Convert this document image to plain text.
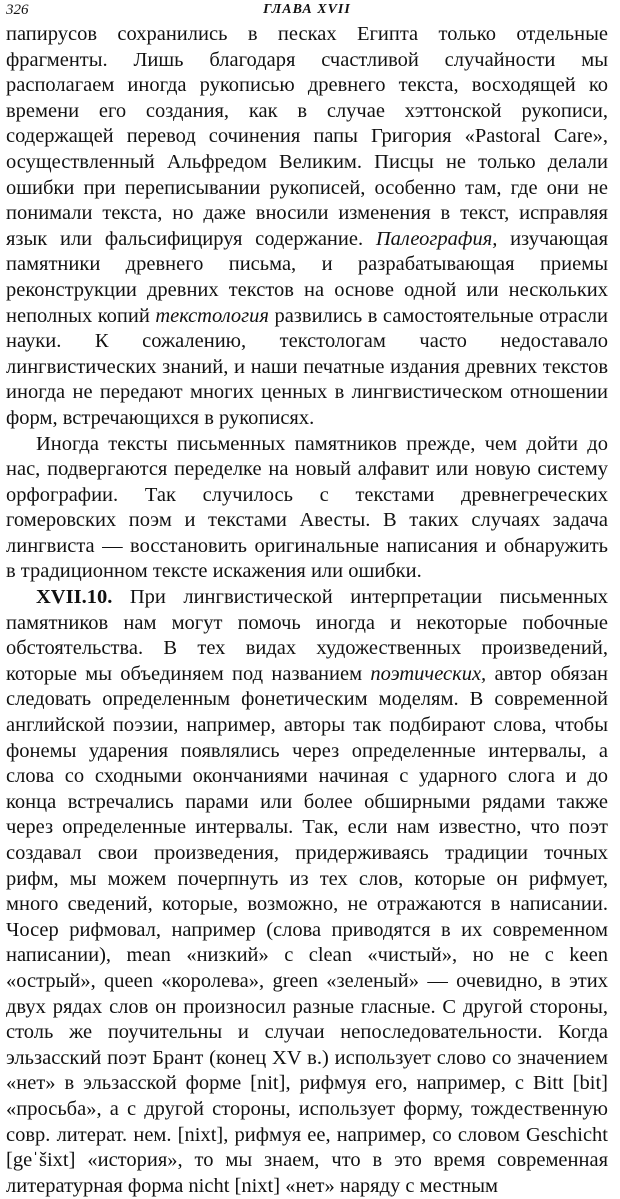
326	ГЛАВА XVII

папирусов сохранились в песках Египта только отдельные фрагменты. Лишь благодаря счастливой случайности мы располагаем иногда рукописью древнего текста, восходящей ко времени его создания, как в случае хэттонской рукописи, содержащей перевод сочинения папы Григория «Pastoral Care», осуществленный Альфредом Великим. Писцы не только делали ошибки при переписывании рукописей, особенно там, где они не понимали текста, но даже вносили изменения в текст, исправляя язык или фальсифицируя содержание. Палеография, изучающая памятники древнего письма, и разрабатывающая приемы реконструкции древних текстов на основе одной или нескольких неполных копий текстология развились в самостоятельные отрасли науки. К сожалению, текстологам часто недоставало лингвистических знаний, и наши печатные издания древних текстов иногда не передают многих ценных в лингвистическом отношении форм, встречающихся в рукописях.

Иногда тексты письменных памятников прежде, чем дойти до нас, подвергаются переделке на новый алфавит или новую систему орфографии. Так случилось с текстами древнегреческих гомеровских поэм и текстами Авесты. В таких случаях задача лингвиста — восстановить оригинальные написания и обнаружить в традиционном тексте искажения или ошибки.

XVII.10. При лингвистической интерпретации письменных памятников нам могут помочь иногда и некоторые побочные обстоятельства. В тех видах художественных произведений, которые мы объединяем под названием поэтических, автор обязан следовать определенным фонетическим моделям. В современной английской поэзии, например, авторы так подбирают слова, чтобы фонемы ударения появлялись через определенные интервалы, а слова со сходными окончаниями начиная с ударного слога и до конца встречались парами или более обширными рядами также через определенные интервалы. Так, если нам известно, что поэт создавал свои произведения, придерживаясь традиции точных рифм, мы можем почерпнуть из тех слов, которые он рифмует, много сведений, которые, возможно, не отражаются в написании. Чосер рифмовал, например (слова приводятся в их современном написании), mean «низкий» с clean «чистый», но не с keen «острый», queen «королева», green «зеленый» — очевидно, в этих двух рядах слов он произносил разные гласные. С другой стороны, столь же поучительны и случаи непоследовательности. Когда эльзасский поэт Брант (конец XV в.) использует слово со значением «нет» в эльзасской форме [nit], рифмуя его, например, с Bitt [bit] «просьба», а с другой стороны, использует форму, тождественную совр. литерат. нем. [nixt], рифмуя ее, например, со словом Geschicht [geˈšixt] «история», то мы знаем, что в это время современная литературная форма nicht [nixt] «нет» наряду с местным
